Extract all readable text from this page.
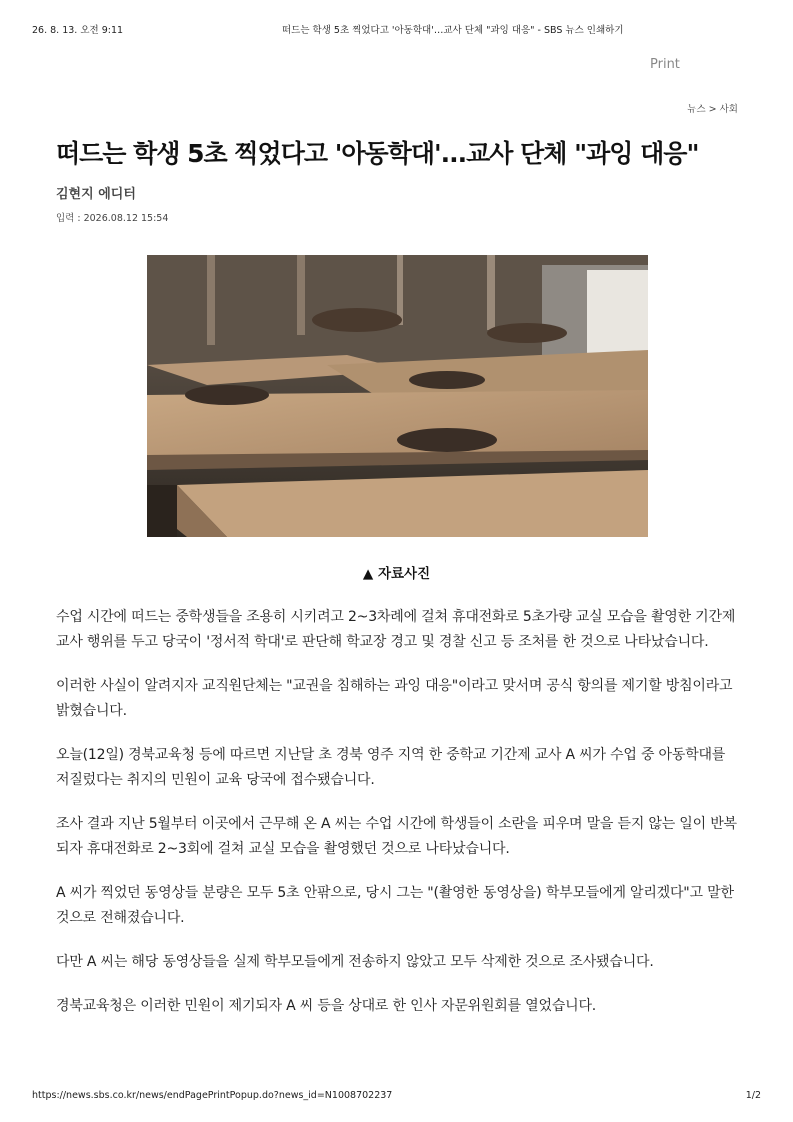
26. 8. 13. 오전 9:11	떠드는 학생 5초 찍었다고 '아동학대'…교사 단체 "과잉 대응" - SBS 뉴스 인쇄하기
Print
뉴스 > 사회
떠드는 학생 5초 찍었다고 '아동학대'...교사 단체 "과잉 대응"
김현지 에디터
입력 : 2026.08.12 15:54
▲ 자료사진

수업 시간에 떠드는 중학생들을 조용히 시키려고 2~3차례에 걸쳐 휴대전화로 5초가량 교실 모습을 촬영한 기간제교사 행위를 두고 당국이 '정서적 학대'로 판단해 학교장 경고 및 경찰 신고 등 조처를 한 것으로 나타났습니다.

이러한 사실이 알려지자 교직원단체는 "교권을 침해하는 과잉 대응"이라고 맞서며 공식 항의를 제기할 방침이라고 밝혔습니다.

오늘(12일) 경북교육청 등에 따르면 지난달 초 경북 영주 지역 한 중학교 기간제 교사 A 씨가 수업 중 아동학대를 저질렀다는 취지의 민원이 교육 당국에 접수됐습니다.

조사 결과 지난 5월부터 이곳에서 근무해 온 A 씨는 수업 시간에 학생들이 소란을 피우며 말을 듣지 않는 일이 반복되자 휴대전화로 2~3회에 걸쳐 교실 모습을 촬영했던 것으로 나타났습니다.

A 씨가 찍었던 동영상들 분량은 모두 5초 안팎으로, 당시 그는 "(촬영한 동영상을) 학부모들에게 알리겠다"고 말한 것으로 전해졌습니다.

다만 A 씨는 해당 동영상들을 실제 학부모들에게 전송하지 않았고 모두 삭제한 것으로 조사됐습니다.

경북교육청은 이러한 민원이 제기되자 A 씨 등을 상대로 한 인사 자문위원회를 열었습니다.

https://news.sbs.co.kr/news/endPagePrintPopup.do?news_id=N1008702237	1/2
